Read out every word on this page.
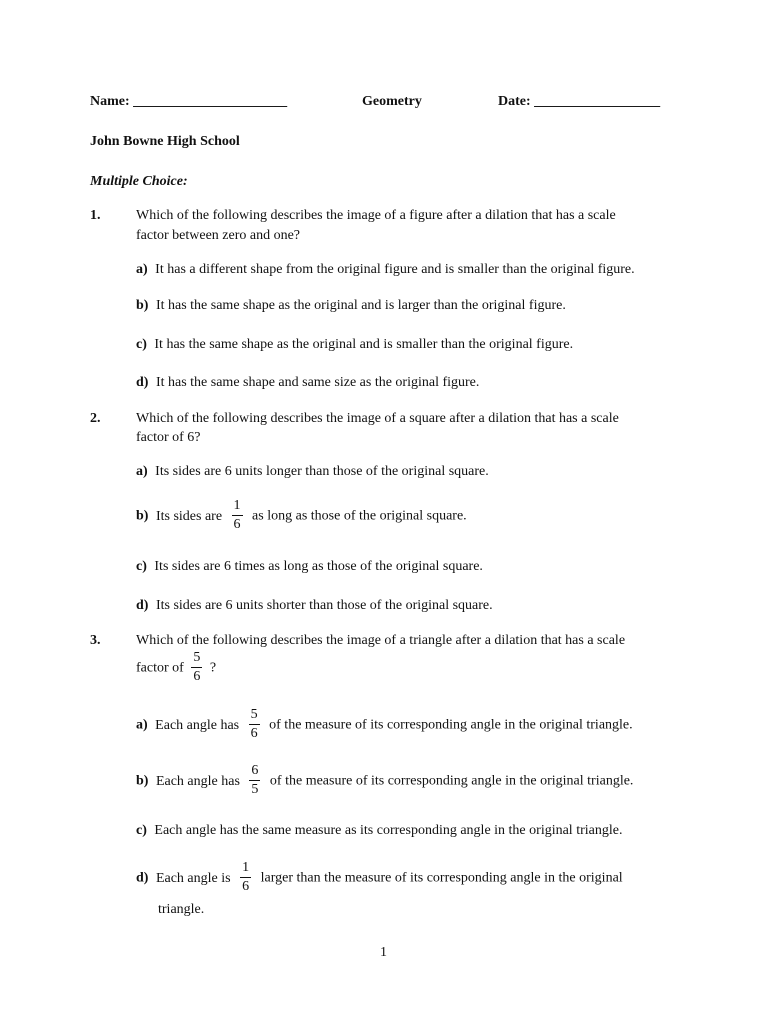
Name: ______________________	Geometry	Date: __________________
John Bowne High School
Multiple Choice:
1.	Which of the following describes the image of a figure after a dilation that has a scale
factor between zero and one?
a) It has a different shape from the original figure and is smaller than the original figure.
b) It has the same shape as the original and is larger than the original figure.
c) It has the same shape as the original and is smaller than the original figure.
d) It has the same shape and same size as the original figure.
2.	Which of the following describes the image of a square after a dilation that has a scale
factor of 6?
a) Its sides are 6 units longer than those of the original square.
b) Its sides are $\frac{1}{6}$ as long as those of the original square.
c) Its sides are 6 times as long as those of the original square.
d) Its sides are 6 units shorter than those of the original square.
3.	Which of the following describes the image of a triangle after a dilation that has a scale
factor of $\frac{5}{6}$ ?
a) Each angle has $\frac{5}{6}$ of the measure of its corresponding angle in the original triangle.
b) Each angle has $\frac{6}{5}$ of the measure of its corresponding angle in the original triangle.
c) Each angle has the same measure as its corresponding angle in the original triangle.
d) Each angle is $\frac{1}{6}$ larger than the measure of its corresponding angle in the original
triangle.
1
